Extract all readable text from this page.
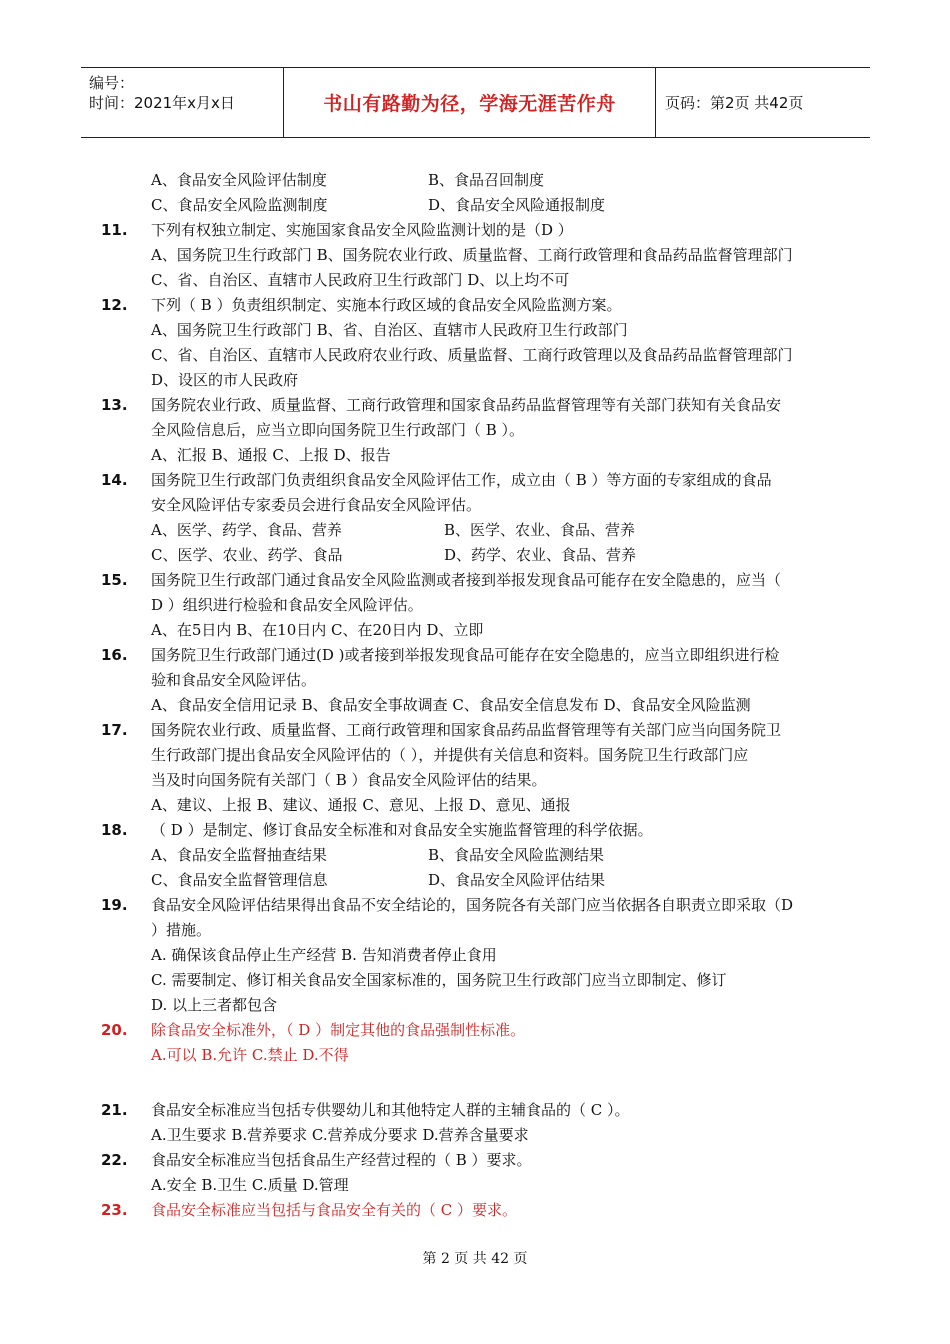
编号：
时间：2021年x月x日	书山有路勤为径，学海无涯苦作舟	页码：第2页 共42页
A、食品安全风险评估制度	B、食品召回制度
C、食品安全风险监测制度	D、食品安全风险通报制度
11. 下列有权独立制定、实施国家食品安全风险监测计划的是（D ）
A、国务院卫生行政部门 B、国务院农业行政、质量监督、工商行政管理和食品药品监督管理部门
C、省、自治区、直辖市人民政府卫生行政部门 D、以上均不可
12. 下列（ B ）负责组织制定、实施本行政区域的食品安全风险监测方案。
A、国务院卫生行政部门 B、省、自治区、直辖市人民政府卫生行政部门
C、省、自治区、直辖市人民政府农业行政、质量监督、工商行政管理以及食品药品监督管理部门
D、设区的市人民政府
13. 国务院农业行政、质量监督、工商行政管理和国家食品药品监督管理等有关部门获知有关食品安
全风险信息后，应当立即向国务院卫生行政部门（ B ）。
A、汇报 B、通报 C、上报 D、报告
14. 国务院卫生行政部门负责组织食品安全风险评估工作，成立由（ B ）等方面的专家组成的食品
安全风险评估专家委员会进行食品安全风险评估。
A、医学、药学、食品、营养	B、医学、农业、食品、营养
C、医学、农业、药学、食品	D、药学、农业、食品、营养
15. 国务院卫生行政部门通过食品安全风险监测或者接到举报发现食品可能存在安全隐患的，应当（
D ）组织进行检验和食品安全风险评估。
A、在5日内 B、在10日内 C、在20日内 D、立即
16. 国务院卫生行政部门通过(D )或者接到举报发现食品可能存在安全隐患的，应当立即组织进行检
验和食品安全风险评估。
A、食品安全信用记录 B、食品安全事故调查 C、食品安全信息发布 D、食品安全风险监测
17. 国务院农业行政、质量监督、工商行政管理和国家食品药品监督管理等有关部门应当向国务院卫
生行政部门提出食品安全风险评估的（ ），并提供有关信息和资料。国务院卫生行政部门应
当及时向国务院有关部门（ B ）食品安全风险评估的结果。
A、建议、上报 B、建议、通报 C、意见、上报 D、意见、通报
18. （ D ）是制定、修订食品安全标准和对食品安全实施监督管理的科学依据。
A、食品安全监督抽查结果	B、食品安全风险监测结果
C、食品安全监督管理信息	D、食品安全风险评估结果
19. 食品安全风险评估结果得出食品不安全结论的，国务院各有关部门应当依据各自职责立即采取（D
）措施。
A. 确保该食品停止生产经营 B. 告知消费者停止食用
C. 需要制定、修订相关食品安全国家标准的，国务院卫生行政部门应当立即制定、修订
D. 以上三者都包含
20. 除食品安全标准外，（ D ）制定其他的食品强制性标准。
A.可以 B.允许 C.禁止 D.不得
21. 食品安全标准应当包括专供婴幼儿和其他特定人群的主辅食品的（ C ）。
A.卫生要求 B.营养要求 C.营养成分要求 D.营养含量要求
22. 食品安全标准应当包括食品生产经营过程的（ B ）要求。
A.安全 B.卫生 C.质量 D.管理
23. 食品安全标准应当包括与食品安全有关的（ C ）要求。
第 2 页 共 42 页
